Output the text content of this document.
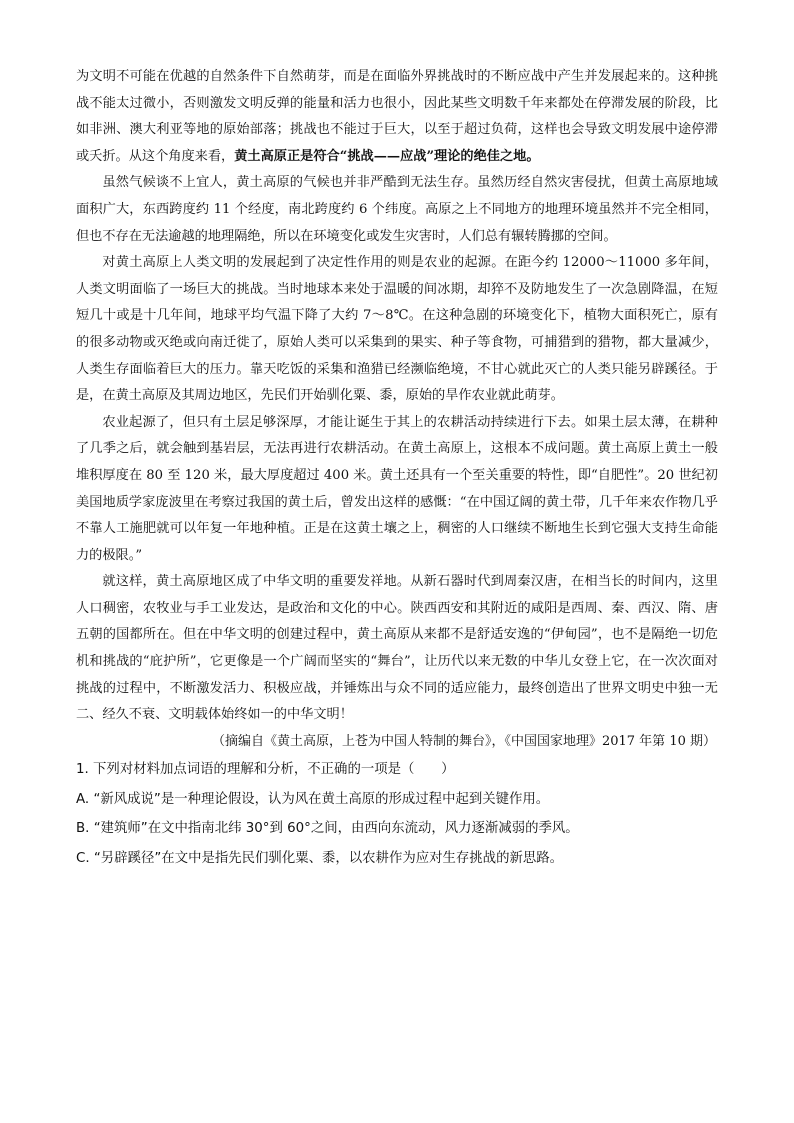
为文明不可能在优越的自然条件下自然萌芽，而是在面临外界挑战时的不断应战中产生并发展起来的。这种挑战不能太过微小，否则激发文明反弹的能量和活力也很小，因此某些文明数千年来都处在停滞发展的阶段，比如非洲、澳大利亚等地的原始部落；挑战也不能过于巨大，以至于超过负荷，这样也会导致文明发展中途停滞或夭折。从这个角度来看，黄土高原正是符合“挑战——应战”理论的绝佳之地。

虽然气候谈不上宜人，黄土高原的气候也并非严酷到无法生存。虽然历经自然灾害侵扰，但黄土高原地域面积广大，东西跨度约 11 个经度，南北跨度约 6 个纬度。高原之上不同地方的地理环境虽然并不完全相同，但也不存在无法逾越的地理隔绝，所以在环境变化或发生灾害时，人们总有辗转腾挪的空间。

对黄土高原上人类文明的发展起到了决定性作用的则是农业的起源。在距今约 12000～11000 多年间，人类文明面临了一场巨大的挑战。当时地球本来处于温暖的间冰期，却猝不及防地发生了一次急剧降温，在短短几十或是十几年间，地球平均气温下降了大约 7～8℃。在这种急剧的环境变化下，植物大面积死亡，原有的很多动物或灭绝或向南迁徙了，原始人类可以采集到的果实、种子等食物，可捕猎到的猎物，都大量减少，人类生存面临着巨大的压力。靠天吃饭的采集和渔猎已经濒临绝境，不甘心就此灭亡的人类只能另辟蹊径。于是，在黄土高原及其周边地区，先民们开始驯化粟、黍，原始的旱作农业就此萌芽。

农业起源了，但只有土层足够深厚，才能让诞生于其上的农耕活动持续进行下去。如果土层太薄，在耕种了几季之后，就会触到基岩层，无法再进行农耕活动。在黄土高原上，这根本不成问题。黄土高原上黄土一般堆积厚度在 80 至 120 米，最大厚度超过 400 米。黄土还具有一个至关重要的特性，即“自肥性”。20 世纪初美国地质学家庞波里在考察过我国的黄土后，曾发出这样的感慨：“在中国辽阔的黄土带，几千年来农作物几乎不靠人工施肥就可以年复一年地种植。正是在这黄土壤之上，稠密的人口继续不断地生长到它强大支持生命能力的极限。”

就这样，黄土高原地区成了中华文明的重要发祥地。从新石器时代到周秦汉唐，在相当长的时间内，这里人口稠密，农牧业与手工业发达，是政治和文化的中心。陕西西安和其附近的咸阳是西周、秦、西汉、隋、唐五朝的国都所在。但在中华文明的创建过程中，黄土高原从来都不是舒适安逸的“伊甸园”，也不是隔绝一切危机和挑战的“庇护所”，它更像是一个广阔而坚实的“舞台”，让历代以来无数的中华儿女登上它，在一次次面对挑战的过程中，不断激发活力、积极应战，并锤炼出与众不同的适应能力，最终创造出了世界文明史中独一无二、经久不衰、文明载体始终如一的中华文明！

（摘编自《黄土高原，上苍为中国人特制的舞台》，《中国国家地理》2017 年第 10 期）

1. 下列对材料加点词语的理解和分析，不正确的一项是（　　）

A. “新风成说”是一种理论假设，认为风在黄土高原的形成过程中起到关键作用。

B. “建筑师”在文中指南北纬 30°到 60°之间，由西向东流动，风力逐渐减弱的季风。

C. “另辟蹊径”在文中是指先民们驯化粟、黍，以农耕作为应对生存挑战的新思路。
